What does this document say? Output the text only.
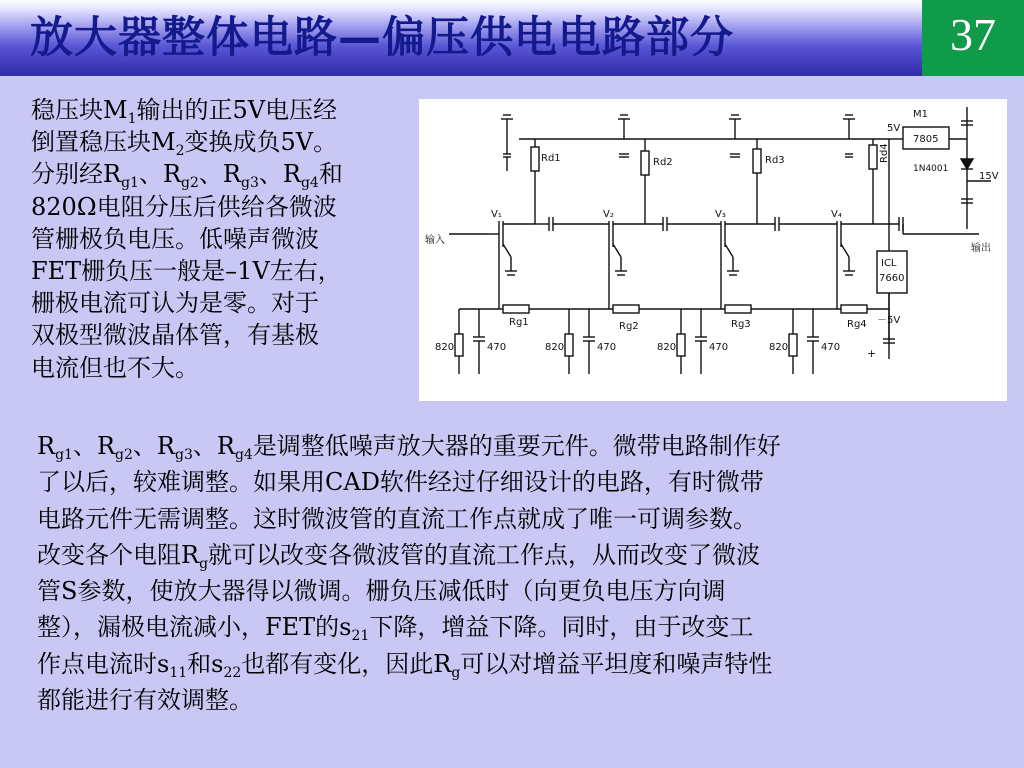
放大器整体电路—偏压供电电路部分	37
稳压块$M_1$输出的正5V电压经
倒置稳压块$M_2$变换成负5V。
分别经$R_{g1}$、$R_{g2}$、$R_{g3}$、$R_{g4}$和
820Ω电阻分压后供给各微波
管栅极负电压。低噪声微波
FET栅负压一般是–1V左右，
栅极电流可认为是零。对于
双极型微波晶体管，有基极
电流但也不大。
Rd1	Rd2	Rd3	Rd4
输入
V₁	V₂	V₃	V₄
输出
Rg1	Rg2	Rg3	Rg4
820	470	820	470	820	470	820	470
5V
M1
7805
1N4001
15V
ICL
7660
－5V
+
$R_{g1}$、$R_{g2}$、$R_{g3}$、$R_{g4}$是调整低噪声放大器的重要元件。微带电路制作好
了以后，较难调整。如果用CAD软件经过仔细设计的电路，有时微带
电路元件无需调整。这时微波管的直流工作点就成了唯一可调参数。
改变各个电阻$R_g$就可以改变各微波管的直流工作点，从而改变了微波
管S参数，使放大器得以微调。栅负压减低时（向更负电压方向调
整），漏极电流减小，FET的$s_{21}$下降，增益下降。同时，由于改变工
作点电流时$s_{11}$和$s_{22}$也都有变化，因此$R_g$可以对增益平坦度和噪声特性
都能进行有效调整。
